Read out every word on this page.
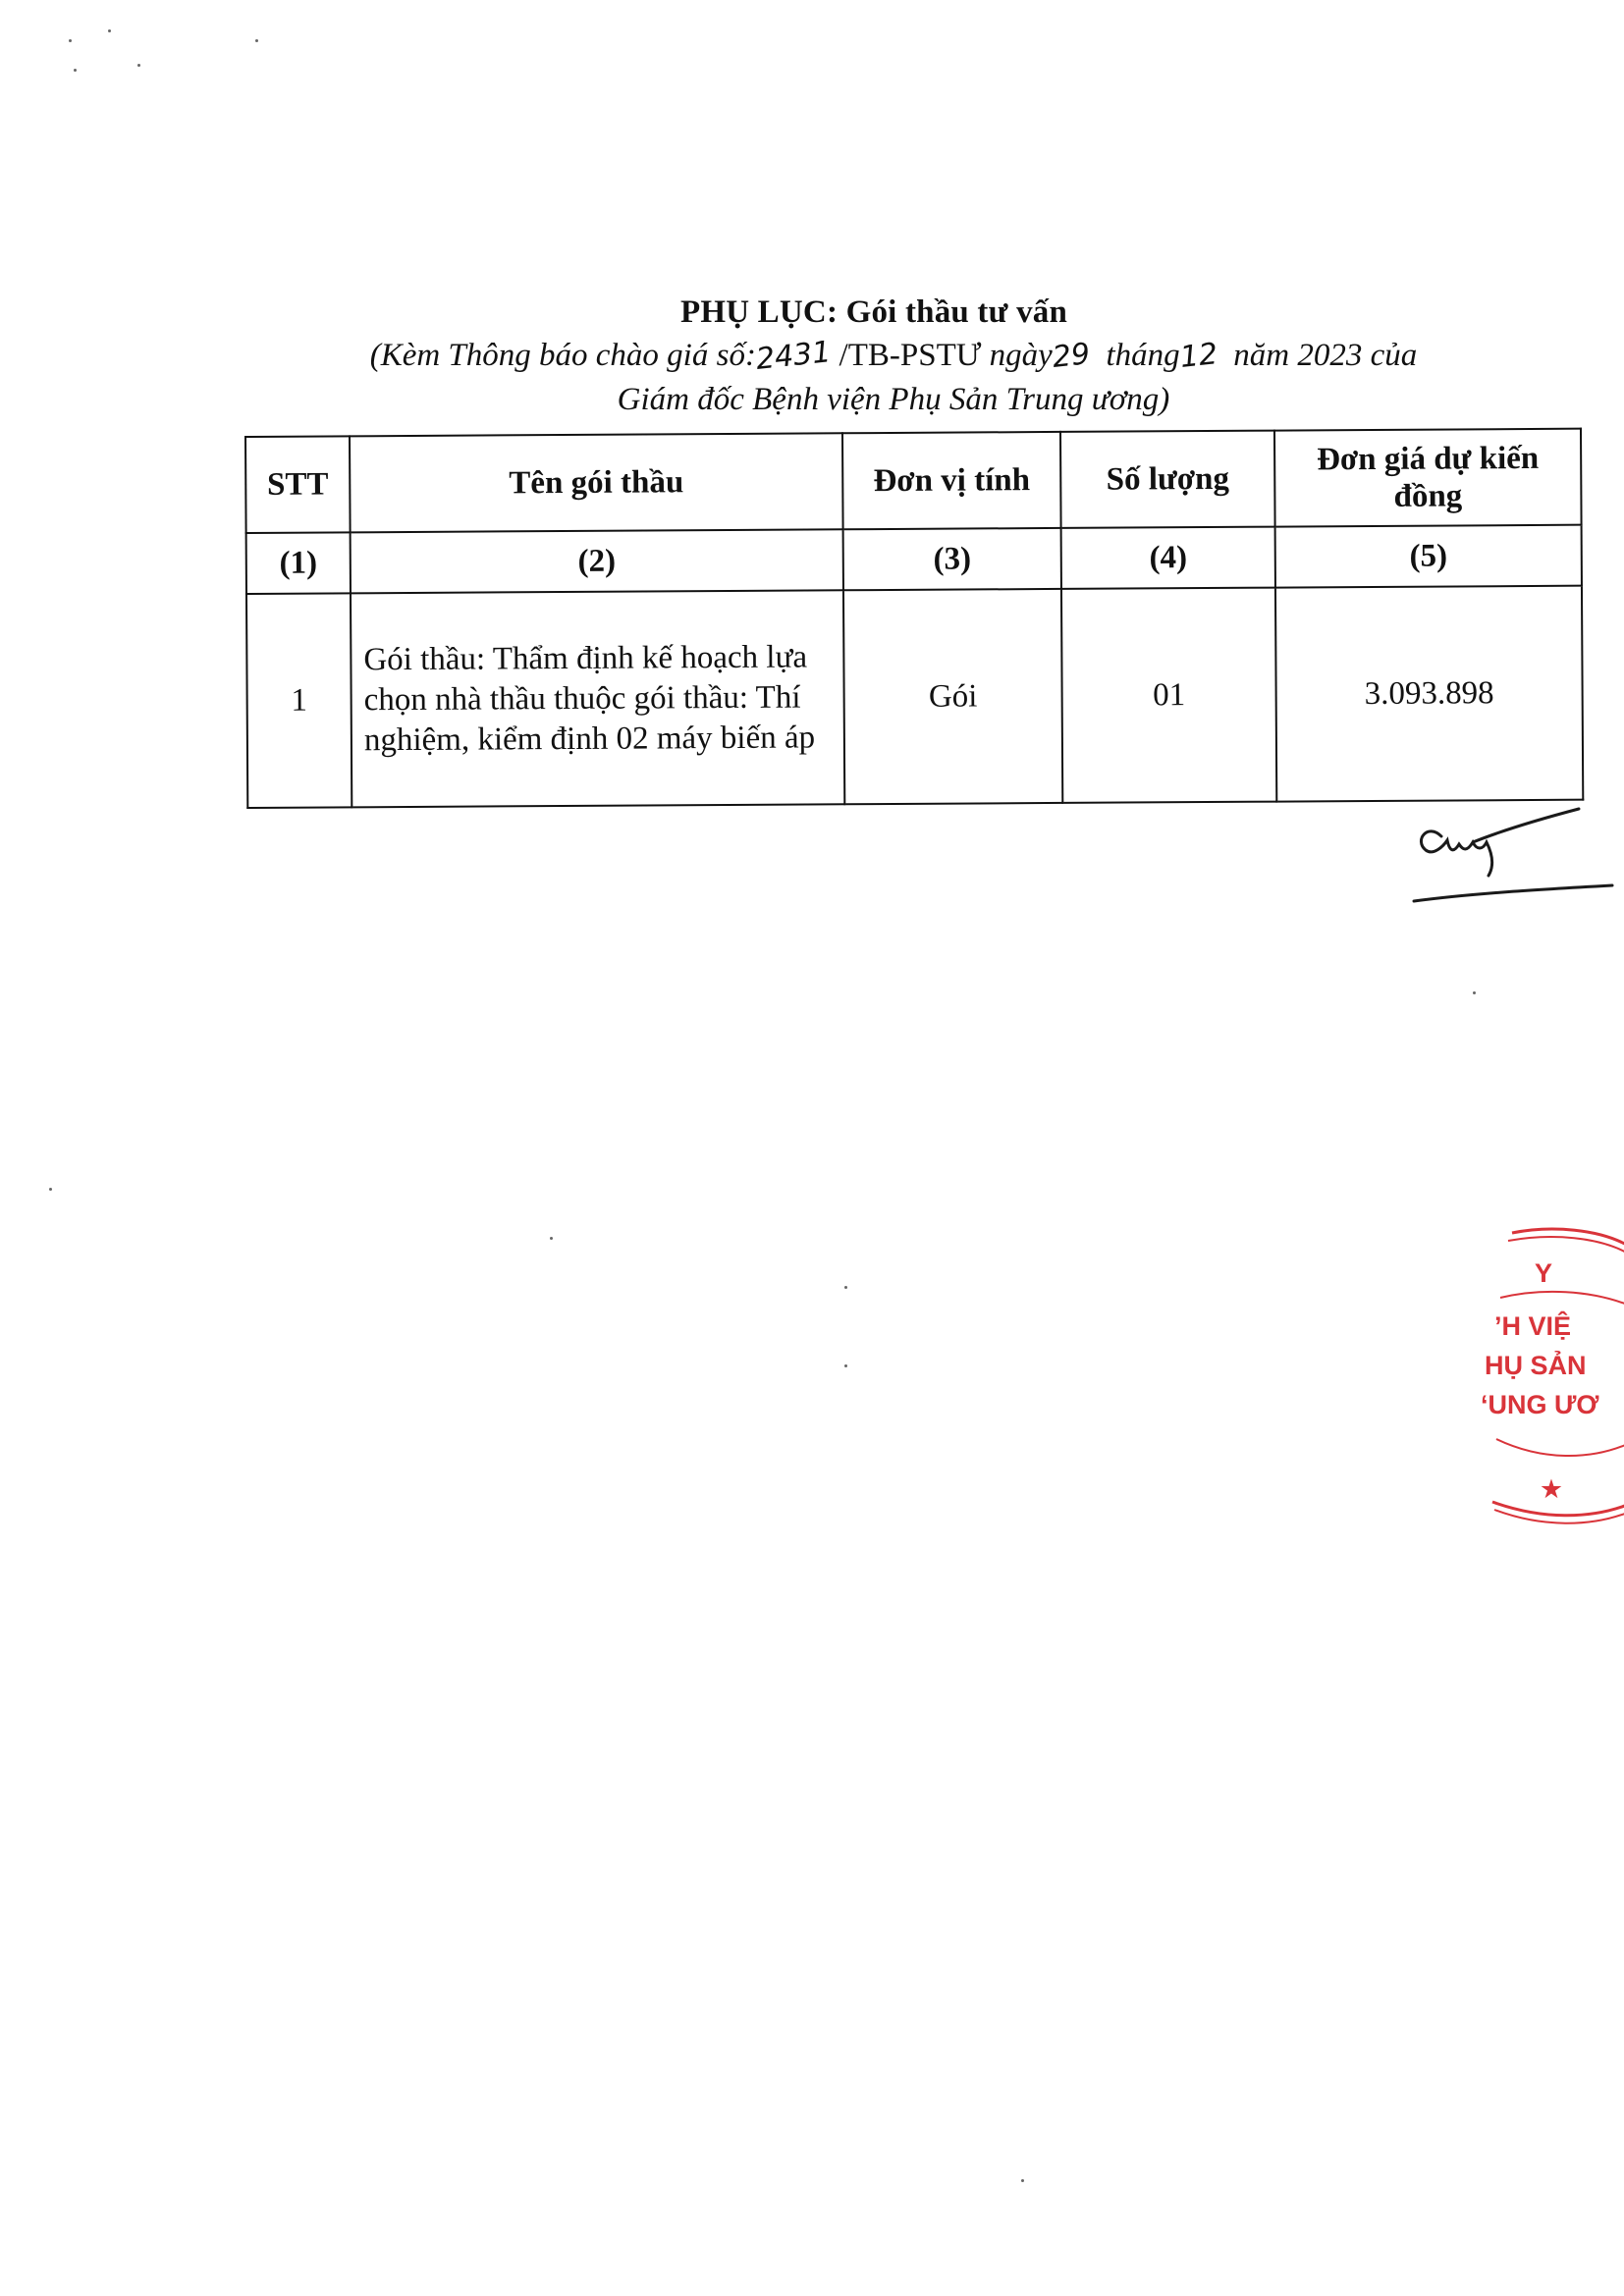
PHỤ LỤC: Gói thầu tư vấn
(Kèm Thông báo chào giá số:2431 /TB-PSTƯ ngày29 tháng12 năm 2023 của
Giám đốc Bệnh viện Phụ Sản Trung ương)
STT	Tên gói thầu	Đơn vị tính	Số lượng	Đơn giá dự kiến đồng
(1)	(2)	(3)	(4)	(5)
1	Gói thầu: Thẩm định kế hoạch lựa chọn nhà thầu thuộc gói thầu: Thí nghiệm, kiểm định 02 máy biến áp	Gói	01	3.093.898
Y
’H VIỆ
HỤ SẢN
‘UNG ƯƠ
★
